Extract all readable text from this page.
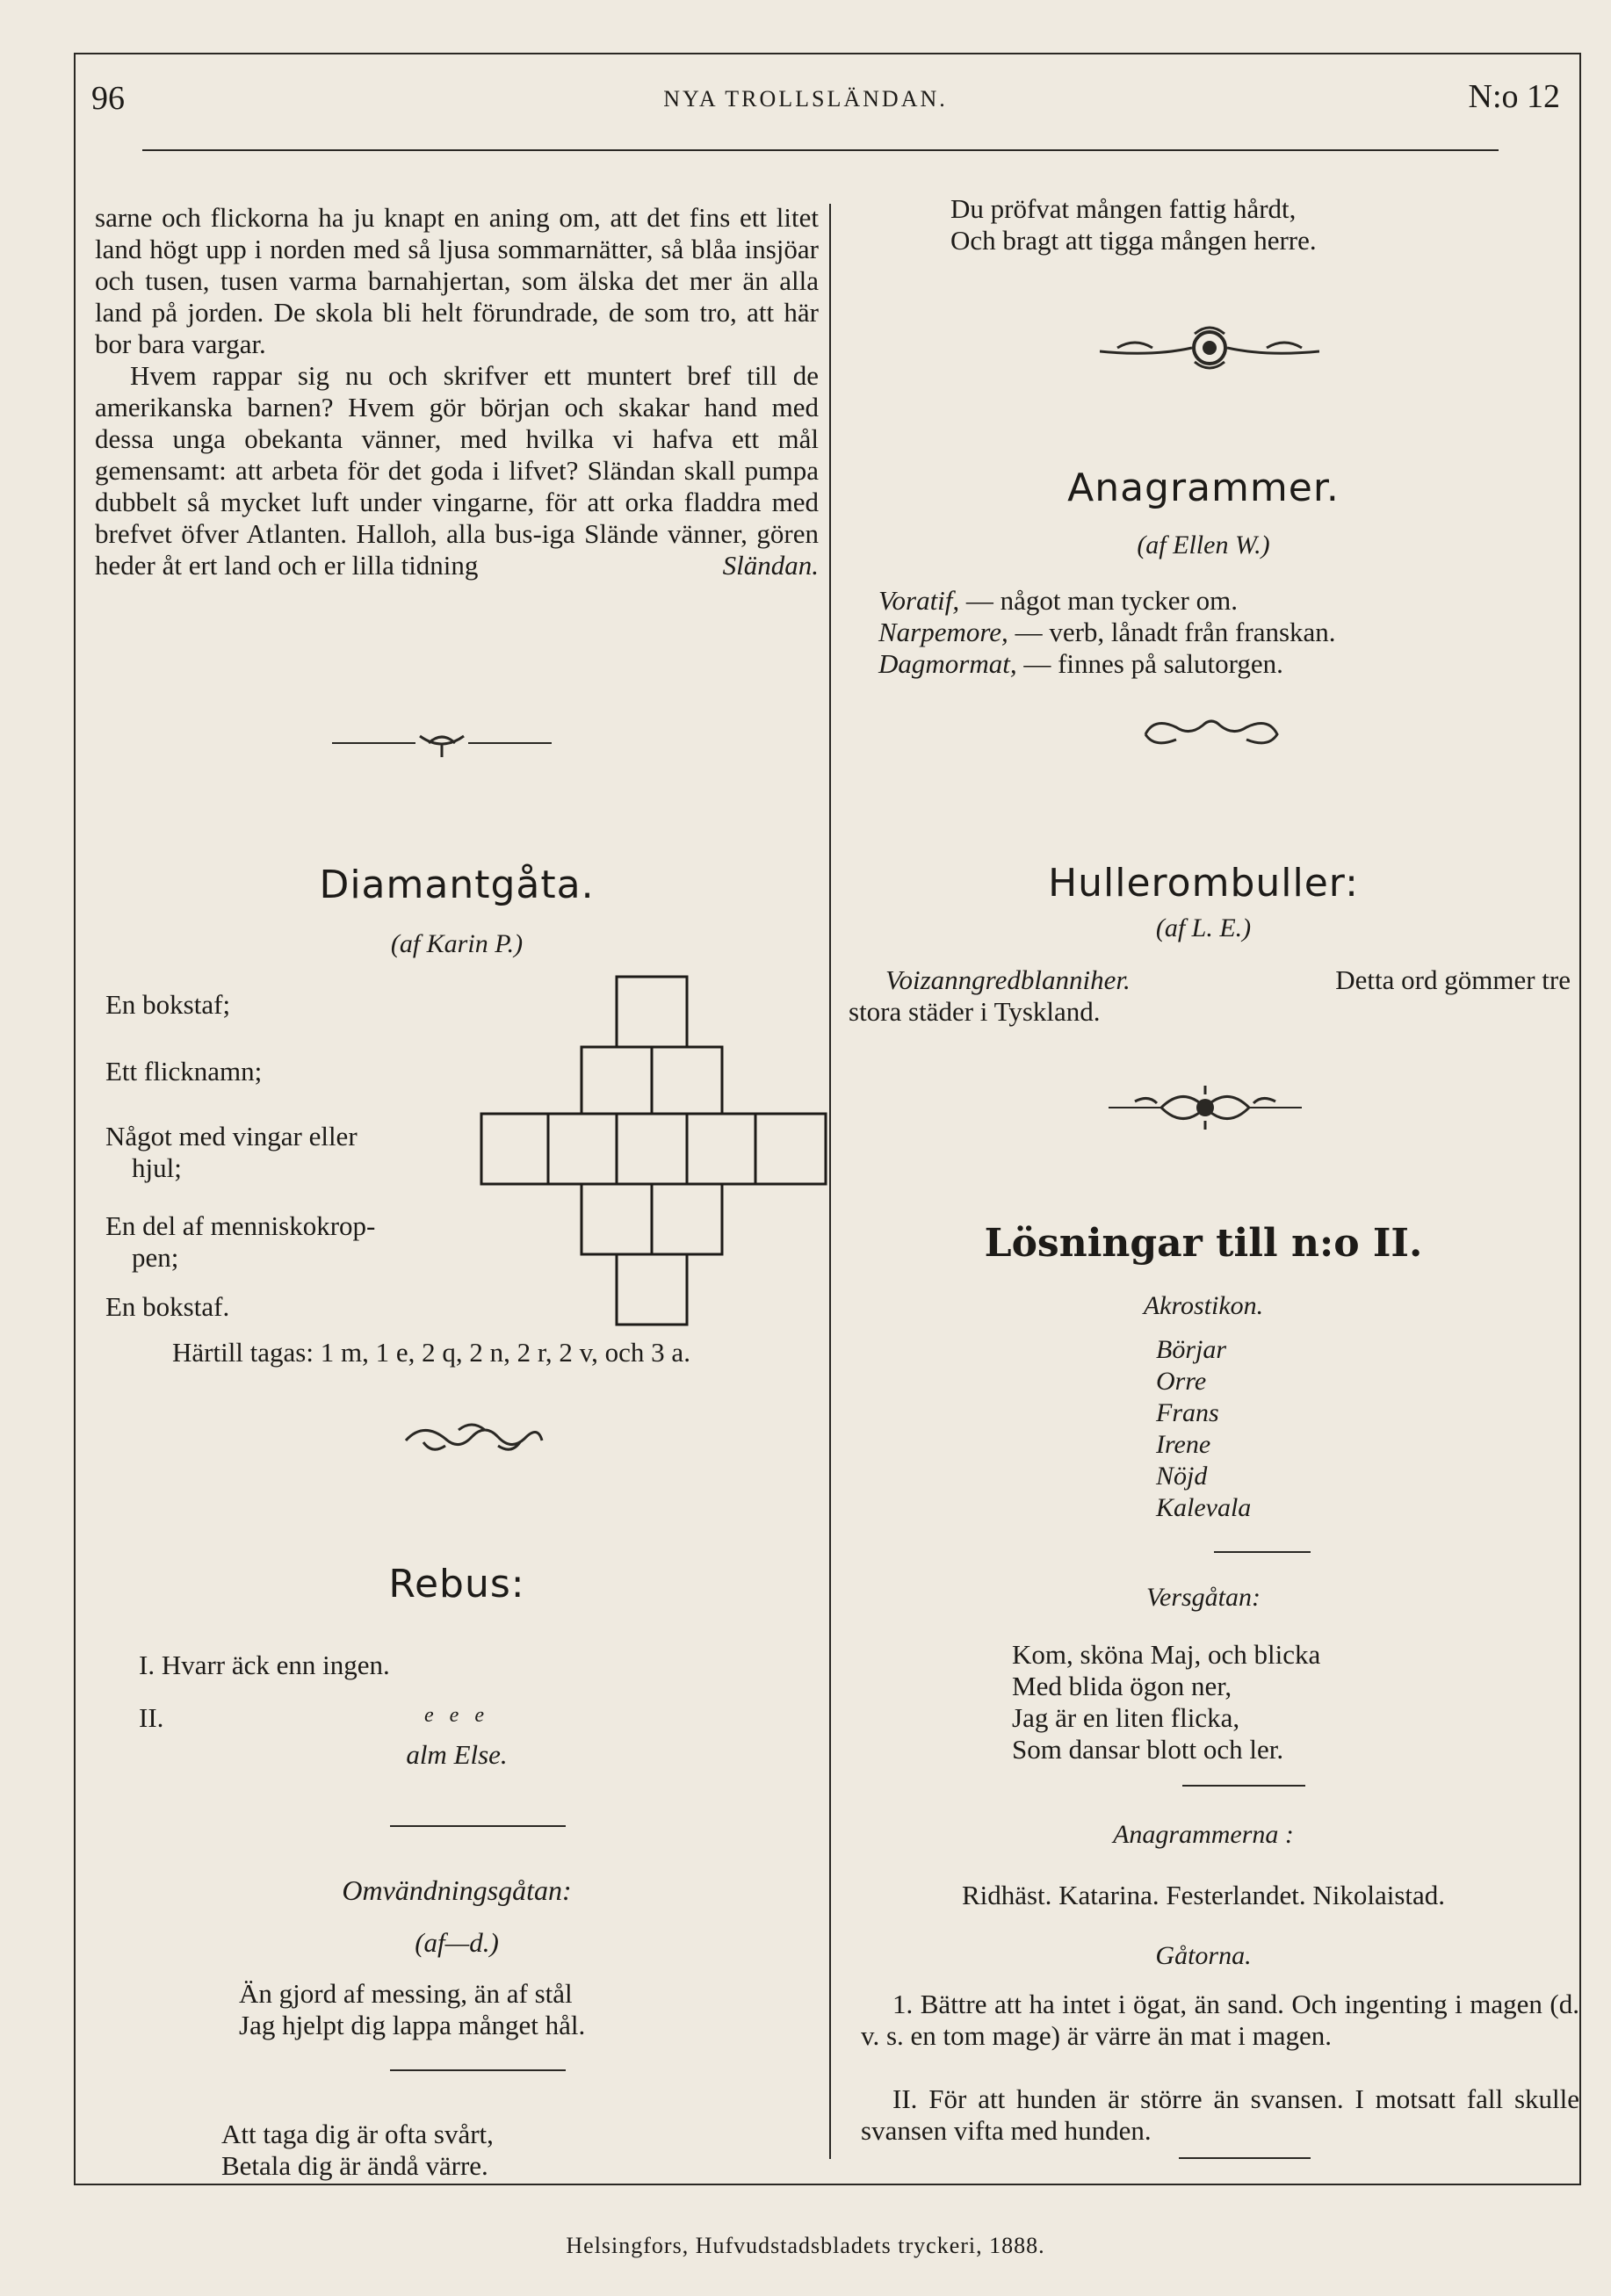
96	NYA TROLLSLÄNDAN.	N:o 12

sarne och flickorna ha ju knapt en aning om, att det fins ett litet land högt upp i norden med så ljusa sommarnätter, så blåa insjöar och tusen, tusen varma barnahjertan, som älska det mer än alla land på jorden. De skola bli helt förundrade, de som tro, att här bor bara vargar.

Hvem rappar sig nu och skrifver ett muntert bref till de amerikanska barnen? Hvem gör början och skakar hand med dessa unga obekanta vänner, med hvilka vi hafva ett mål gemensamt: att arbeta för det goda i lifvet? Sländan skall pumpa dubbelt så mycket luft under vingarne, för att orka fladdra med brefvet öfver Atlanten. Halloh, alla bus-iga Slände vänner, gören heder åt ert land och er lilla tidning	Sländan.

Diamantgåta.
(af Karin P.)
En bokstaf;
Ett flicknamn;
Något med vingar eller
hjul;
En del af menniskokrop-
pen;
En bokstaf.
Härtill tagas: 1 m, 1 e, 2 q, 2 n, 2 r, 2 v, och 3 a.
Rebus:
I. Hvarr äck enn ingen.
II.	e e e
alm Else.
Omvändningsgåtan:
(af—d.)
Än gjord af messing, än af stål
Jag hjelpt dig lappa månget hål.
Att taga dig är ofta svårt,
Betala dig är ändå värre.
Du pröfvat mången fattig hårdt,
Och bragt att tigga mången herre.
Anagrammer.
(af Ellen W.)
Voratif, — något man tycker om.
Narpemore, — verb, lånadt från franskan.
Dagmormat, — finnes på salutorgen.
Hullerombuller:
(af L. E.)
Voizanngredblanniher.	Detta ord gömmer tre
stora städer i Tyskland.
Lösningar till n:o II.
Akrostikon.
Börjar
Orre
Frans
Irene
Nöjd
Kalevala
Versgåtan:
Kom, sköna Maj, och blicka
Med blida ögon ner,
Jag är en liten flicka,
Som dansar blott och ler.
Anagrammerna :
Ridhäst. Katarina. Festerlandet. Nikolaistad.
Gåtorna.

1. Bättre att ha intet i ögat, än sand. Och ingenting i magen (d. v. s. en tom mage) är värre än mat i magen.

II. För att hunden är större än svansen. I motsatt fall skulle svansen vifta med hunden.

Helsingfors, Hufvudstadsbladets tryckeri, 1888.
